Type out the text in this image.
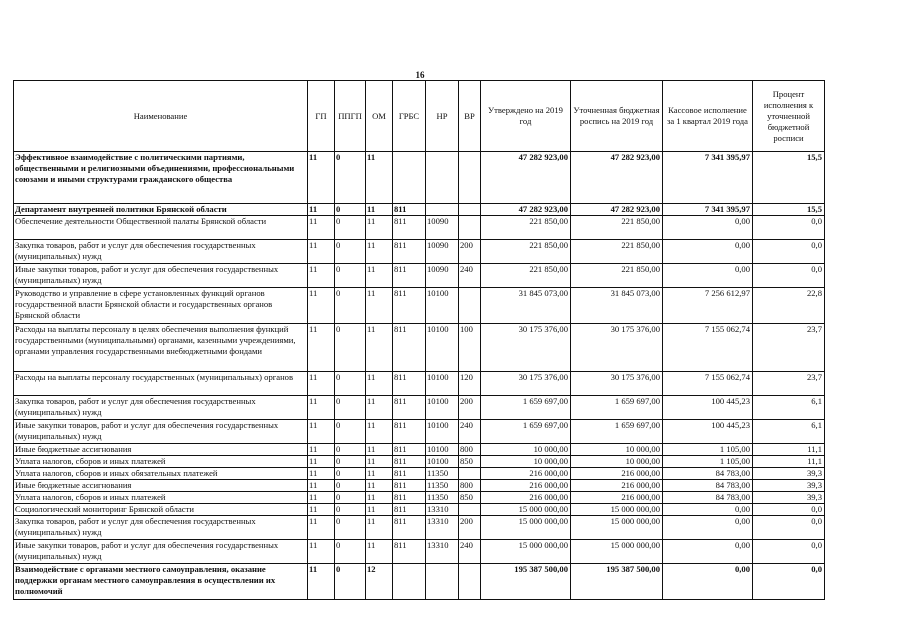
16
Наименование	ГП	ППГП	ОМ	ГРБС	НР	ВР	Утверждено на 2019 год	Уточненная бюджетная роспись на 2019 год	Кассовое исполнение за 1 квартал 2019 года	Процент исполнения к уточненной бюджетной росписи
Эффективное взаимодействие с политическими партиями, общественными и религиозными объединениями, профессиональными союзами и иными структурами гражданского общества	11	0	11				47 282 923,00	47 282 923,00	7 341 395,97	15,5
Департамент внутренней политики Брянской области	11	0	11	811			47 282 923,00	47 282 923,00	7 341 395,97	15,5
Обеспечение деятельности Общественной палаты Брянской области	11	0	11	811	10090		221 850,00	221 850,00	0,00	0,0
Закупка товаров, работ и услуг для обеспечения государственных (муниципальных) нужд	11	0	11	811	10090	200	221 850,00	221 850,00	0,00	0,0
Иные закупки товаров, работ и услуг для обеспечения государственных (муниципальных) нужд	11	0	11	811	10090	240	221 850,00	221 850,00	0,00	0,0
Руководство и управление в сфере установленных функций органов государственной власти Брянской области и государственных органов Брянской области	11	0	11	811	10100		31 845 073,00	31 845 073,00	7 256 612,97	22,8
Расходы на выплаты персоналу в целях обеспечения выполнения функций государственными (муниципальными) органами, казенными учреждениями, органами управления государственными внебюджетными фондами	11	0	11	811	10100	100	30 175 376,00	30 175 376,00	7 155 062,74	23,7
Расходы на выплаты персоналу государственных (муниципальных) органов	11	0	11	811	10100	120	30 175 376,00	30 175 376,00	7 155 062,74	23,7
Закупка товаров, работ и услуг для обеспечения государственных (муниципальных) нужд	11	0	11	811	10100	200	1 659 697,00	1 659 697,00	100 445,23	6,1
Иные закупки товаров, работ и услуг для обеспечения государственных (муниципальных) нужд	11	0	11	811	10100	240	1 659 697,00	1 659 697,00	100 445,23	6,1
Иные бюджетные ассигнования	11	0	11	811	10100	800	10 000,00	10 000,00	1 105,00	11,1
Уплата налогов, сборов и иных платежей	11	0	11	811	10100	850	10 000,00	10 000,00	1 105,00	11,1
Уплата налогов, сборов и иных обязательных платежей	11	0	11	811	11350		216 000,00	216 000,00	84 783,00	39,3
Иные бюджетные ассигнования	11	0	11	811	11350	800	216 000,00	216 000,00	84 783,00	39,3
Уплата налогов, сборов и иных платежей	11	0	11	811	11350	850	216 000,00	216 000,00	84 783,00	39,3
Социологический мониторинг Брянской области	11	0	11	811	13310		15 000 000,00	15 000 000,00	0,00	0,0
Закупка товаров, работ и услуг для обеспечения государственных (муниципальных) нужд	11	0	11	811	13310	200	15 000 000,00	15 000 000,00	0,00	0,0
Иные закупки товаров, работ и услуг для обеспечения государственных (муниципальных) нужд	11	0	11	811	13310	240	15 000 000,00	15 000 000,00	0,00	0,0
Взаимодействие с органами местного самоуправления, оказание поддержки органам местного самоуправления в осуществлении их полномочий	11	0	12				195 387 500,00	195 387 500,00	0,00	0,0
